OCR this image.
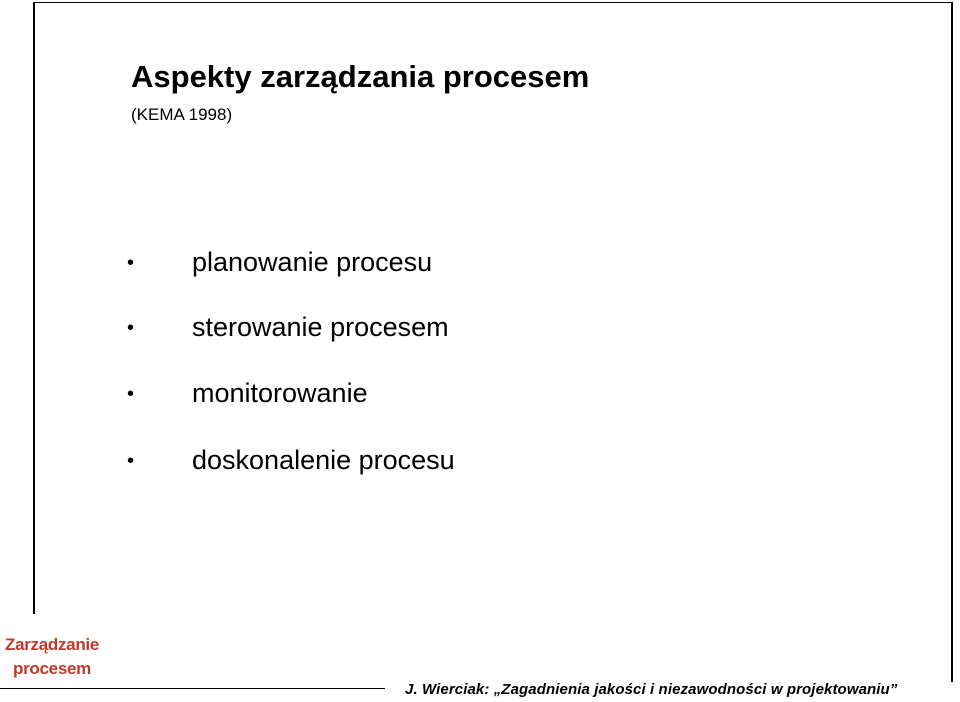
Aspekty zarządzania procesem

(KEMA 1998)

• planowanie procesu
• sterowanie procesem
• monitorowanie
• doskonalenie procesu
Zarządzanie
procesem
J. Wierciak: „Zagadnienia jakości i niezawodności w projektowaniu”
